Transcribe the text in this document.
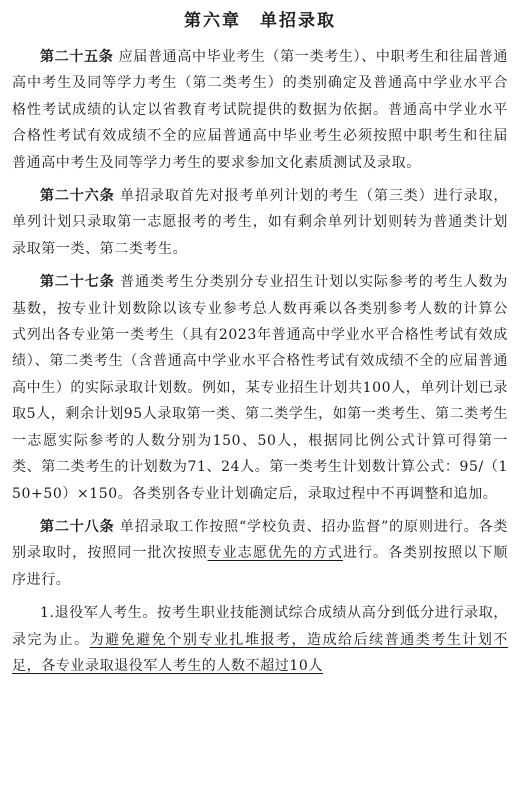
第六章　单招录取

第二十五条 应届普通高中毕业考生（第一类考生）、中职考生和往届普通高中考生及同等学力考生（第二类考生）的类别确定及普通高中学业水平合格性考试成绩的认定以省教育考试院提供的数据为依据。普通高中学业水平合格性考试有效成绩不全的应届普通高中毕业考生必须按照中职考生和往届普通高中考生及同等学力考生的要求参加文化素质测试及录取。

第二十六条 单招录取首先对报考单列计划的考生（第三类）进行录取，单列计划只录取第一志愿报考的考生，如有剩余单列计划则转为普通类计划录取第一类、第二类考生。

第二十七条 普通类考生分类别分专业招生计划以实际参考的考生人数为基数，按专业计划数除以该专业参考总人数再乘以各类别参考人数的计算公式列出各专业第一类考生（具有2023年普通高中学业水平合格性考试有效成绩）、第二类考生（含普通高中学业水平合格性考试有效成绩不全的应届普通高中生）的实际录取计划数。例如，某专业招生计划共100人，单列计划已录取5人，剩余计划95人录取第一类、第二类学生，如第一类考生、第二类考生一志愿实际参考的人数分别为150、50人，根据同比例公式计算可得第一类、第二类考生的计划数为71、24人。第一类考生计划数计算公式：95/（150+50）×150。各类别各专业计划确定后，录取过程中不再调整和追加。

第二十八条 单招录取工作按照“学校负责、招办监督”的原则进行。各类别录取时，按照同一批次按照专业志愿优先的方式进行。各类别按照以下顺序进行。

1.退役军人考生。按考生职业技能测试综合成绩从高分到低分进行录取，录完为止。为避免避免个别专业扎堆报考，造成给后续普通类考生计划不足，各专业录取退役军人考生的人数不超过10人
